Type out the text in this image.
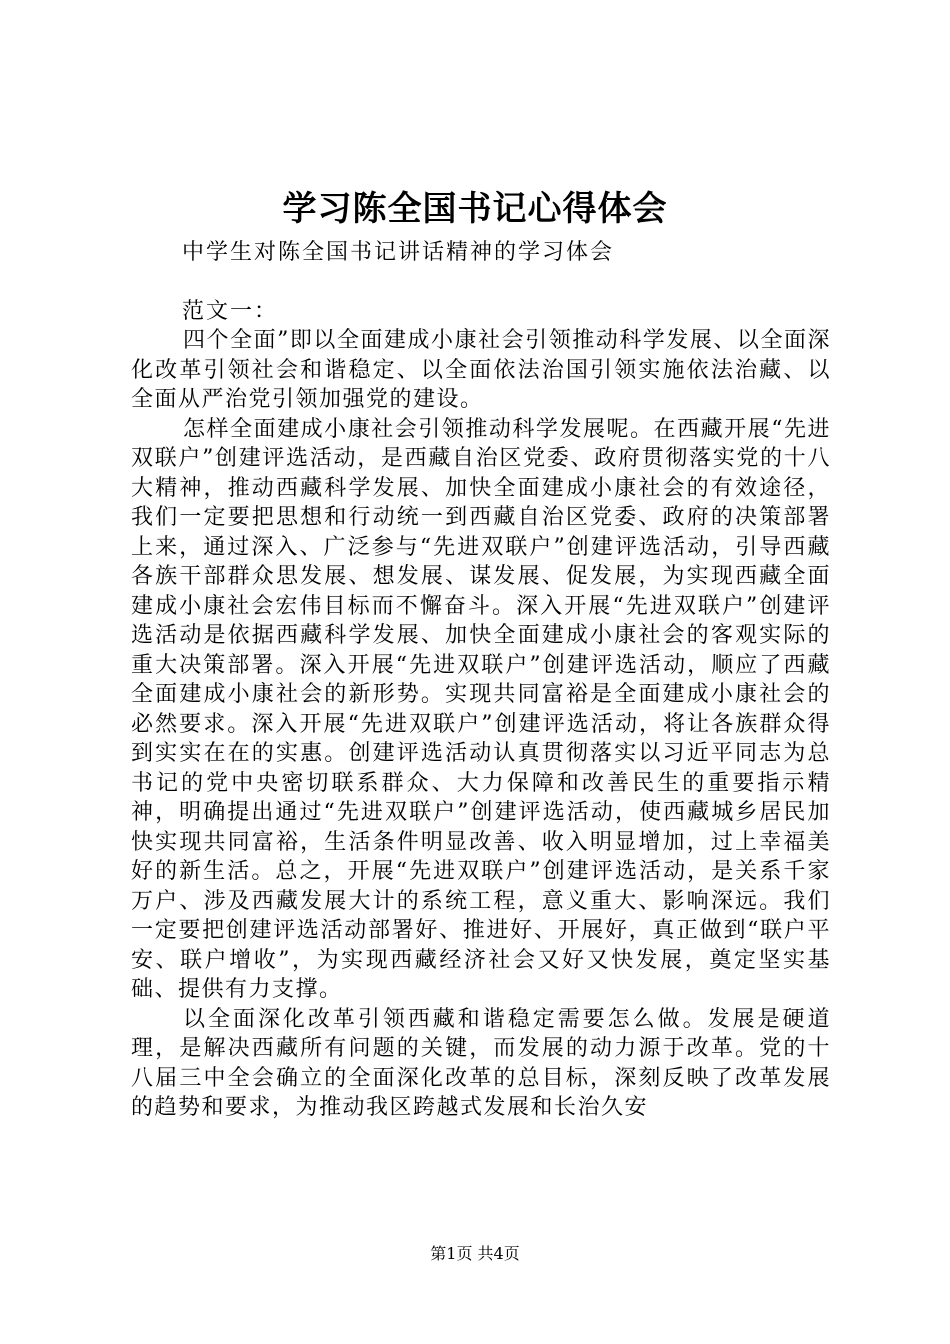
学习陈全国书记心得体会
中学生对陈全国书记讲话精神的学习体会
范文一：

四个全面”即以全面建成小康社会引领推动科学发展、以全面深化改革引领社会和谐稳定、以全面依法治国引领实施依法治藏、以全面从严治党引领加强党的建设。

怎样全面建成小康社会引领推动科学发展呢。在西藏开展“先进双联户”创建评选活动，是西藏自治区党委、政府贯彻落实党的十八大精神，推动西藏科学发展、加快全面建成小康社会的有效途径，我们一定要把思想和行动统一到西藏自治区党委、政府的决策部署上来，通过深入、广泛参与“先进双联户”创建评选活动，引导西藏各族干部群众思发展、想发展、谋发展、促发展，为实现西藏全面建成小康社会宏伟目标而不懈奋斗。深入开展“先进双联户”创建评选活动是依据西藏科学发展、加快全面建成小康社会的客观实际的重大决策部署。深入开展“先进双联户”创建评选活动，顺应了西藏全面建成小康社会的新形势。实现共同富裕是全面建成小康社会的必然要求。深入开展“先进双联户”创建评选活动，将让各族群众得到实实在在的实惠。创建评选活动认真贯彻落实以习近平同志为总书记的党中央密切联系群众、大力保障和改善民生的重要指示精神，明确提出通过“先进双联户”创建评选活动，使西藏城乡居民加快实现共同富裕，生活条件明显改善、收入明显增加，过上幸福美好的新生活。总之，开展“先进双联户”创建评选活动，是关系千家万户、涉及西藏发展大计的系统工程，意义重大、影响深远。我们一定要把创建评选活动部署好、推进好、开展好，真正做到“联户平安、联户增收”，为实现西藏经济社会又好又快发展，奠定坚实基础、提供有力支撑。

以全面深化改革引领西藏和谐稳定需要怎么做。发展是硬道理，是解决西藏所有问题的关键，而发展的动力源于改革。党的十八届三中全会确立的全面深化改革的总目标，深刻反映了改革发展的趋势和要求，为推动我区跨越式发展和长治久安

第1页 共4页
